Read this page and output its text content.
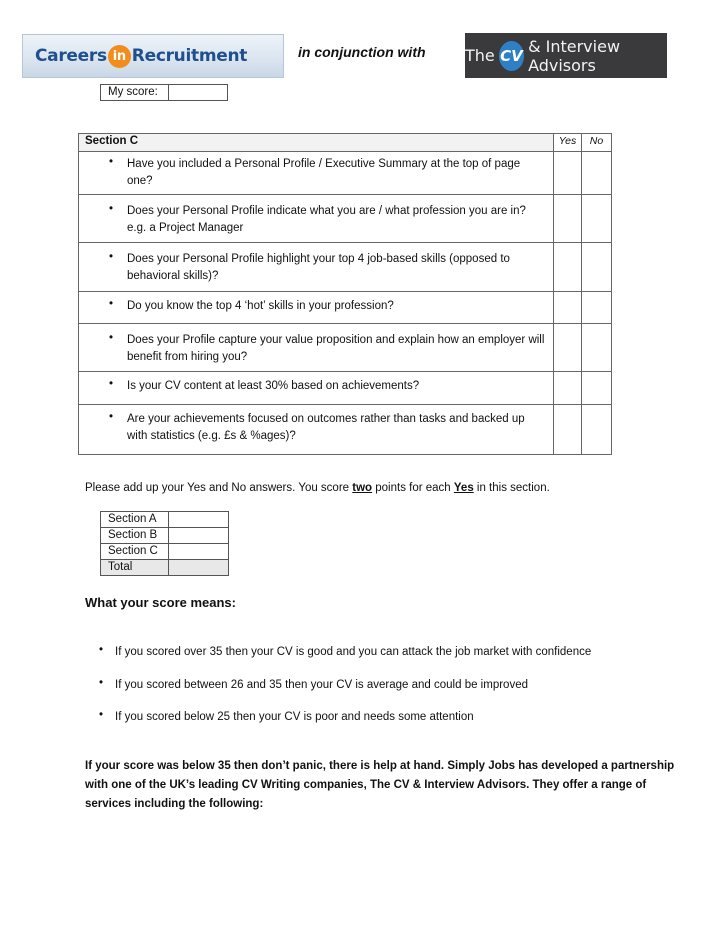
Careers in Recruitment	in conjunction with The CV & Interview Advisors
My score:
Section C	Yes	No

• Have you included a Personal Profile / Executive Summary at the top of page one?		

• Does your Personal Profile indicate what you are / what profession you are in? e.g. a Project Manager		

• Does your Personal Profile highlight your top 4 job-based skills (opposed to behavioral skills)?		

• Do you know the top 4 ‘hot’ skills in your profession?		

• Does your Profile capture your value proposition and explain how an employer will benefit from hiring you?		

• Is your CV content at least 30% based on achievements?		

• Are your achievements focused on outcomes rather than tasks and backed up with statistics (e.g. £s & %ages)?		

Please add up your Yes and No answers. You score two points for each Yes in this section.
Section A	
Section B	
Section C	
Total	
What your score means:
•	If you scored over 35 then your CV is good and you can attack the job market with confidence
•	If you scored between 26 and 35 then your CV is average and could be improved
•	If you scored below 25 then your CV is poor and needs some attention
If your score was below 35 then don’t panic, there is help at hand. Simply Jobs has developed a partnership with one of the UK’s leading CV Writing companies, The CV & Interview Advisors. They offer a range of services including the following:
